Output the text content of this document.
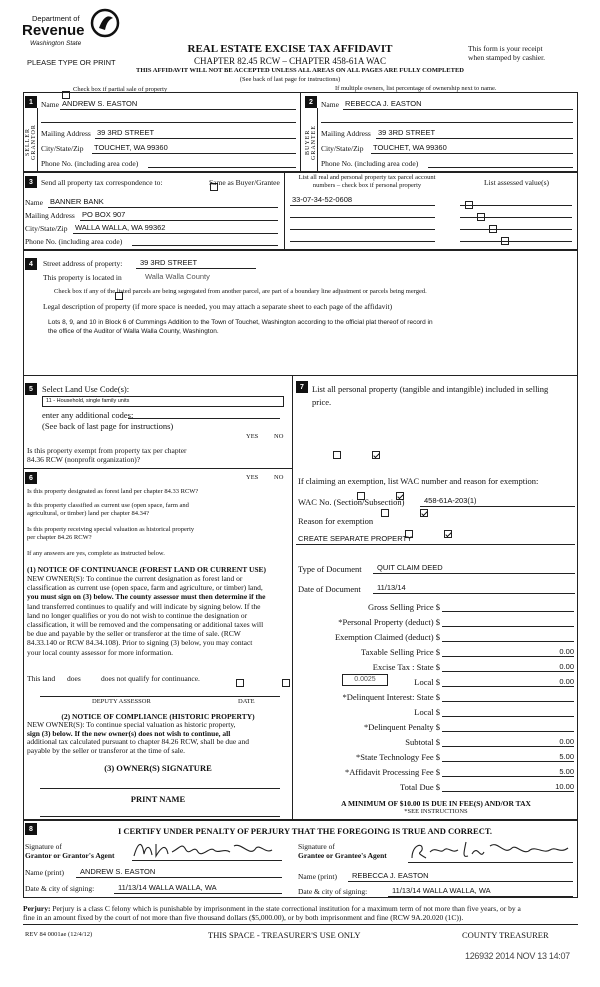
Department of
Revenue
Washington State
PLEASE TYPE OR PRINT
REAL ESTATE EXCISE TAX AFFIDAVIT
CHAPTER 82.45 RCW – CHAPTER 458-61A WAC
THIS AFFIDAVIT WILL NOT BE ACCEPTED UNLESS ALL AREAS ON ALL PAGES ARE FULLY COMPLETED
(See back of last page for instructions)
This form is your receipt
when stamped by cashier.

Check box if partial sale of property	If multiple owners, list percentage of ownership next to name.
1
SELLER GRANTOR
Name ANDREW S. EASTON
Mailing Address 39 3RD STREET
City/State/Zip TOUCHET, WA 99360
Phone No. (including area code)
2
BUYER GRANTEE
Name REBECCA J. EASTON
Mailing Address 39 3RD STREET
City/State/Zip TOUCHET, WA 99360
Phone No. (including area code)
3	Send all property tax correspondence to:
	Same as Buyer/Grantee
Name BANNER BANK
Mailing Address PO BOX 907
City/State/Zip WALLA WALLA, WA 99362
Phone No. (including area code)
List all real and personal property tax parcel account numbers – check box if personal property	List assessed value(s)
33-07-34-52-0608

4	Street address of property: 39 3RD STREET
This property is located in	Walla Walla County

Check box if any of the listed parcels are being segregated from another parcel, are part of a boundary line adjustment or parcels being merged.
Legal description of property (if more space is needed, you may attach a separate sheet to each page of the affidavit)
Lots 8, 9, and 10 in Block 6 of Cummings Addition to the Town of Touchet, Washington according to the official plat thereof of record in
the office of the Auditor of Walla Walla County, Washington.
5	Select Land Use Code(s):
11 - Household, single family units
enter any additional codes:
(See back of last page for instructions)
YES NO
Is this property exempt from property tax per chapter
84.36 RCW (nonprofit organization)?

6	YES NO
Is this property designated as forest land per chapter 84.33 RCW?

Is this property classified as current use (open space, farm and
agricultural, or timber) land per chapter 84.34?

Is this property receiving special valuation as historical property
per chapter 84.26 RCW?

If any answers are yes, complete as instructed below.
(1) NOTICE OF CONTINUANCE (FOREST LAND OR CURRENT USE)
NEW OWNER(S): To continue the current designation as forest land or
classification as current use (open space, farm and agriculture, or timber) land,
you must sign on (3) below. The county assessor must then determine if the
land transferred continues to qualify and will indicate by signing below. If the
land no longer qualifies or you do not wish to continue the designation or
classification, it will be removed and the compensating or additional taxes will
be due and payable by the seller or transferor at the time of sale. (RCW
84.33.140 or RCW 84.34.108). Prior to signing (3) below, you may contact
your local county assessor for more information.
This land
does	does not qualify for continuance.
DEPUTY ASSESSOR	DATE
(2) NOTICE OF COMPLIANCE (HISTORIC PROPERTY)
NEW OWNER(S): To continue special valuation as historic property,
sign (3) below. If the new owner(s) does not wish to continue, all
additional tax calculated pursuant to chapter 84.26 RCW, shall be due and
payable by the seller or transferor at the time of sale.
(3) OWNER(S) SIGNATURE
PRINT NAME
7 List all personal property (tangible and intangible) included in selling
price.
If claiming an exemption, list WAC number and reason for exemption:
WAC No. (Section/Subsection)	458-61A-203(1)
Reason for exemption
CREATE SEPARATE PROPERTY
Type of Document QUIT CLAIM DEED
Date of Document 11/13/14
Gross Selling Price $
*Personal Property (deduct) $
Exemption Claimed (deduct) $
Taxable Selling Price $	0.00
Excise Tax : State $	0.00
0.0025	Local $	0.00
*Delinquent Interest: State $
Local $
*Delinquent Penalty $
Subtotal $	0.00
*State Technology Fee $	5.00
*Affidavit Processing Fee $	5.00
Total Due $	10.00
A MINIMUM OF $10.00 IS DUE IN FEE(S) AND/OR TAX
*SEE INSTRUCTIONS
8	I CERTIFY UNDER PENALTY OF PERJURY THAT THE FOREGOING IS TRUE AND CORRECT.
Signature of
Grantor or Grantor's Agent
Name (print) ANDREW S. EASTON
Date & city of signing:	11/13/14 WALLA WALLA, WA
Signature of
Grantee or Grantee's Agent
Name (print) REBECCA J. EASTON
Date & city of signing:	11/13/14 WALLA WALLA, WA
Perjury: Perjury is a class C felony which is punishable by imprisonment in the state correctional institution for a maximum term of not more than five years, or by a
fine in an amount fixed by the court of not more than five thousand dollars ($5,000.00), or by both imprisonment and fine (RCW 9A.20.020 (1C)).
REV 84 0001ae (12/4/12)	THIS SPACE - TREASURER'S USE ONLY	COUNTY TREASURER
126932 2014 NOV 13 14:07
